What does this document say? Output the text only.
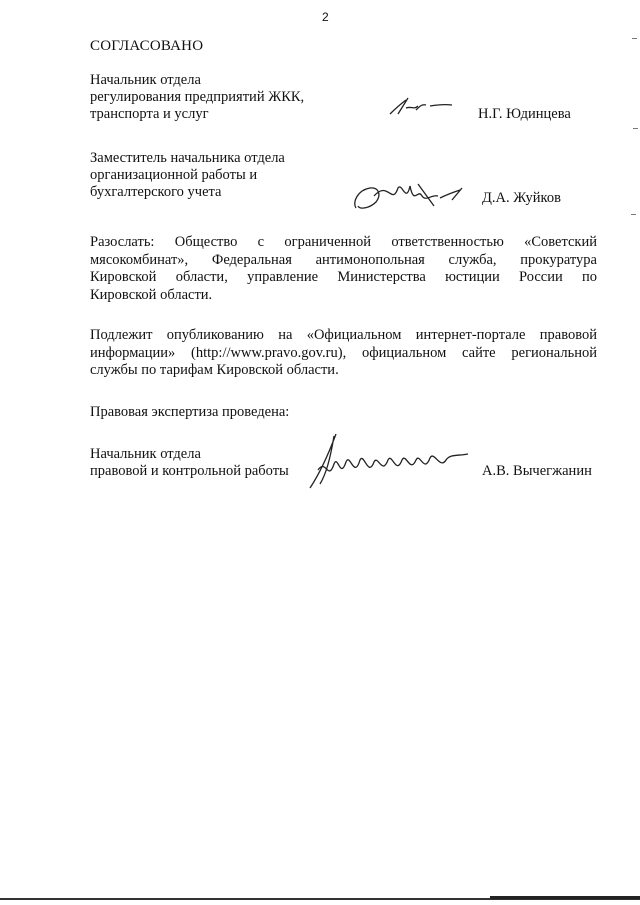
2
СОГЛАСОВАНО
Начальник отдела
регулирования предприятий ЖКК,
транспорта и услуг	Н.Г. Юдинцева
Заместитель начальника отдела
организационной работы и
бухгалтерского учета	Д.А. Жуйков
Разослать: Общество с ограниченной ответственностью «Советский
мясокомбинат», Федеральная антимонопольная служба, прокуратура
Кировской области, управление Министерства юстиции России по
Кировской области.
Подлежит опубликованию на «Официальном интернет-портале правовой
информации» (http://www.pravo.gov.ru), официальном сайте региональной
службы по тарифам Кировской области.
Правовая экспертиза проведена:
Начальник отдела
правовой и контрольной работы	А.В. Вычегжанин
